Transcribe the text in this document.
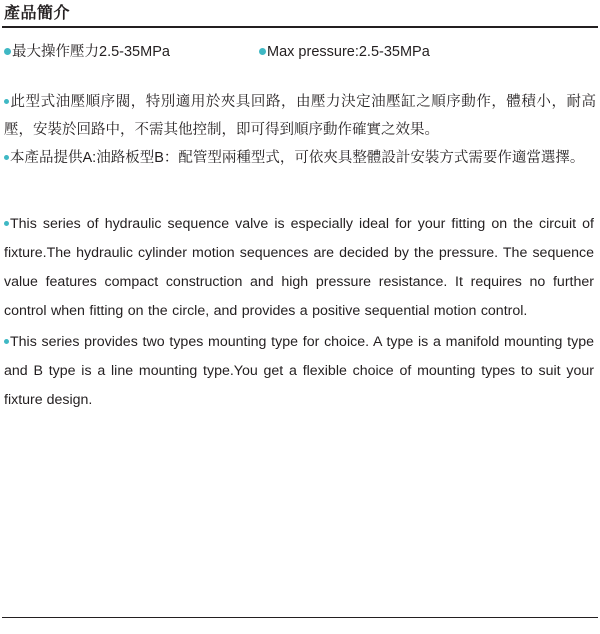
產品簡介
最大操作壓力2.5-35MPa	Max pressure:2.5-35MPa

此型式油壓順序閥，特別適用於夾具回路，由壓力決定油壓缸之順序動作，體積小，耐高壓，安裝於回路中，不需其他控制，即可得到順序動作確實之效果。

本產品提供A:油路板型B：配管型兩種型式，可依夾具整體設計安裝方式需要作適當選擇。

This series of hydraulic sequence valve is especially ideal for your fitting on the circuit of fixture.The hydraulic cylinder motion sequences are decided by the pressure. The sequence value features compact construction and high pressure resistance. It requires no further control when fitting on the circle, and provides a positive sequential motion control.

This series provides two types mounting type for choice. A type is a manifold mounting type and B type is a line mounting type.You get a flexible choice of mounting types to suit your fixture design.
